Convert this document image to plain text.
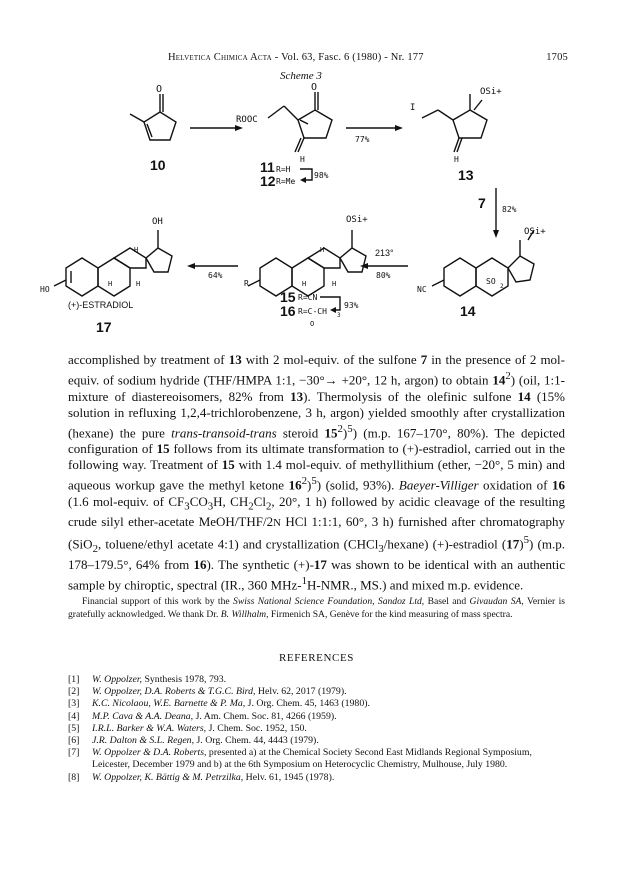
Helvetica Chimica Acta - Vol. 63, Fasc. 6 (1980) - Nr. 177	1705
Scheme 3
O
10
O
ROOC
H
11
12
R=H
R=Me
98%
77%
I
OSi+
H
13
7 82%
OSi+
NC
SO
2
14
213°
80%
OSi+
R
H
H	H
15
16
R=CN
R=C-CH 3
O
93%
64%
OH
HO
H
H
H
(+)-ESTRADIOL
17

accomplished by treatment of 13 with 2 mol-equiv. of the sulfone 7 in the presence of 2 mol-equiv. of sodium hydride (THF/HMPA 1:1, −30°→ +20°, 12 h, argon) to obtain $14^2$) (oil, 1:1-mixture of diastereoisomers, 82% from 13). Thermolysis of the olefinic sulfone 14 (15% solution in refluxing 1,2,4-trichlorobenzene, 3 h, argon) yielded smoothly after crystallization (hexane) the pure trans-transoid-trans steroid $15^2)^5$) (m.p. 167–170°, 80%). The depicted configuration of 15 follows from its ultimate transformation to (+)-estradiol, carried out in the following way. Treatment of 15 with 1.4 mol-equiv. of methyllithium (ether, −20°, 5 min) and aqueous workup gave the methyl ketone $16^2)^5$) (solid, 93%). Baeyer-Villiger oxidation of 16 (1.6 mol-equiv. of $CF_3CO_3H$, $CH_2Cl_2$, 20°, 1 h) followed by acidic cleavage of the resulting crude silyl ether-acetate MeOH/THF/2N HCl 1:1:1, 60°, 3 h) furnished after chromatography (SiO$_2$, toluene/ethyl acetate 4:1) and crystallization (CHCl$_3$/hexane) (+)-estradiol $(17)^5$) (m.p. 178–179.5°, 64% from 16). The synthetic (+)-17 was shown to be identical with an authentic sample by chiroptic, spectral (IR., 360 MHz-$^1$H-NMR., MS.) and mixed m.p. evidence.

Financial support of this work by the Swiss National Science Foundation, Sandoz Ltd, Basel and Givaudan SA, Vernier is gratefully acknowledged. We thank Dr. B. Willhalm, Firmenich SA, Genève for the kind measuring of mass spectra.

REFERENCES
[1] W. Oppolzer, Synthesis 1978, 793.
[2] W. Oppolzer, D.A. Roberts & T.G.C. Bird, Helv. 62, 2017 (1979).
[3] K.C. Nicolaou, W.E. Barnette & P. Ma, J. Org. Chem. 45, 1463 (1980).
[4] M.P. Cava & A.A. Deana, J. Am. Chem. Soc. 81, 4266 (1959).
[5] I.R.L. Barker & W.A. Waters, J. Chem. Soc. 1952, 150.
[6] J.R. Dalton & S.L. Regen, J. Org. Chem. 44, 4443 (1979).
[7] W. Oppolzer & D.A. Roberts, presented a) at the Chemical Society Second East Midlands Regional Symposium, Leicester, December 1979 and b) at the 6th Symposium on Heterocyclic Chemistry, Mulhouse, July 1980.
[8] W. Oppolzer, K. Bättig & M. Petrzilka, Helv. 61, 1945 (1978).
